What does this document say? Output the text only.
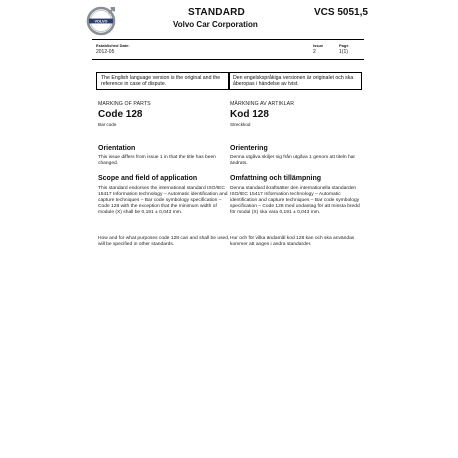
VOLVO
STANDARD	VCS 5051,5
Volvo Car Corporation
Established Date:
2012-05
Issue
2
Page
1(1)
The English language version is the original and the reference in case of dispute.
Den engelskspråkiga versionen är originalet och ska åberopas i händelse av tvist.
MARKING OF PARTS
Code 128
Bar code
Orientation
This issue differs from issue 1 in that the title has been changed.
Scope and field of application
This standard endorses the international standard ISO/IEC 15417 Information technology – Automatic identification and capture techniques – Bar code symbology specification – Code 128 with the exception that the minimum width of module (X) shall be 0,191 ± 0,043 mm.
How and for what purposes code 128 can and shall be used, will be specified in other standards.
MÄRKNING AV ARTIKLAR
Kod 128
Streckkod
Orientering
Denna utgåva skiljer sig från utgåva 1 genom att titeln har ändrats.
Omfattning och tillämpning
Denna standard ikraftsätter den internationella standarden ISO/IEC 15417 Information technology – Automatic identification and capture techniques – Bar code symbology specification – Code 128 med undantag för att minsta bredd för modul (X) ska vara 0,191 ± 0,043 mm.
Hur och för vilka ändamål kod 128 kan och ska användas kommer att anges i andra standarder.
